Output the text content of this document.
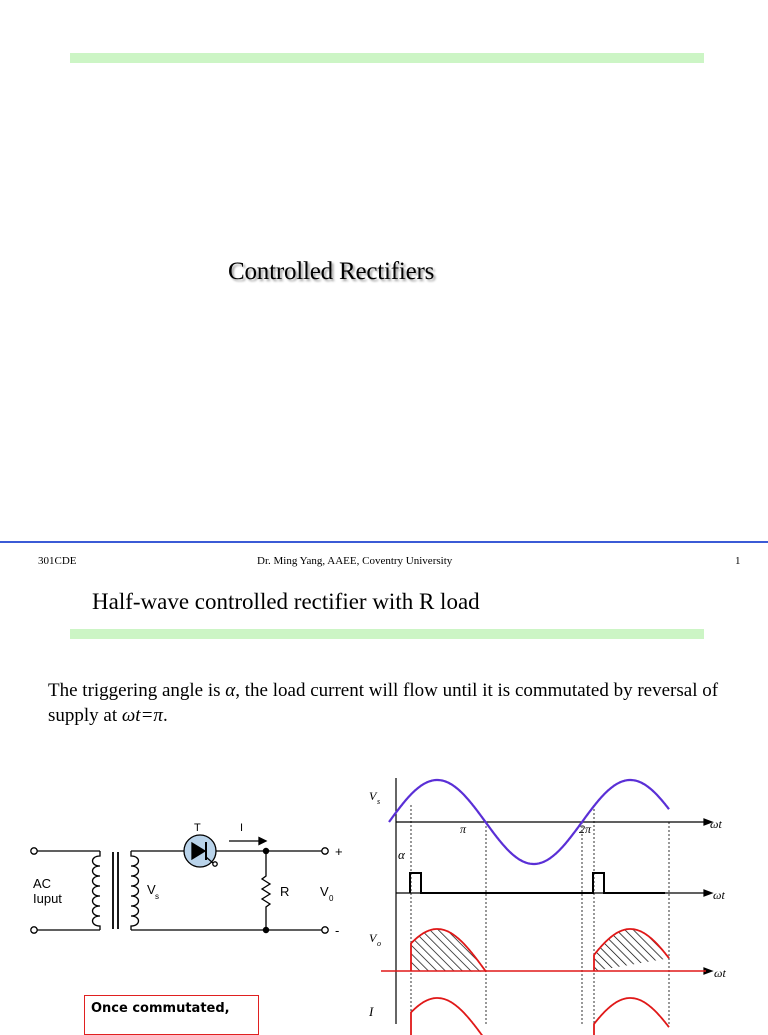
Controlled Rectifiers
301CDE	Dr. Ming Yang, AAEE, Coventry University	1
Half-wave controlled rectifier with R load
The triggering angle is α, the load current will flow until it is commutated by reversal of supply at ωt=π.
Once commutated,
T	I
AC
Iuput
V s	R
+
-
V 0
V s
π	2π
α
V o
I
ωt
ωt
ωt
